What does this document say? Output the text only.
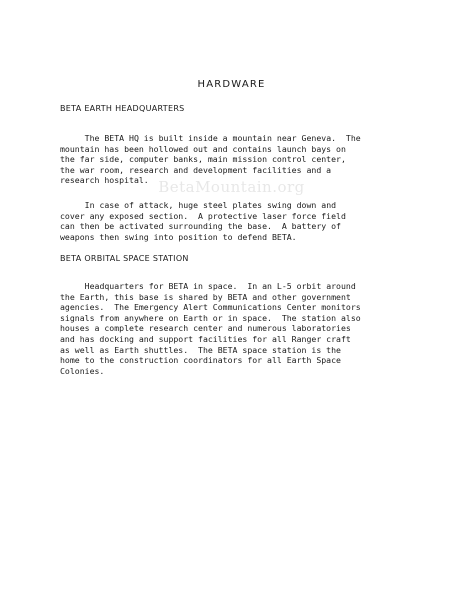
HARDWARE
BETA EARTH HEADQUARTERS

The BETA HQ is built inside a mountain near Geneva.  The
mountain has been hollowed out and contains launch bays on
the far side, computer banks, main mission control center,
the war room, research and development facilities and a
research hospital. BetaMountain.org

In case of attack, huge steel plates swing down and
cover any exposed section.  A protective laser force field
can then be activated surrounding the base.  A battery of
weapons then swing into position to defend BETA.

BETA ORBITAL SPACE STATION

Headquarters for BETA in space.  In an L-5 orbit around
the Earth, this base is shared by BETA and other government
agencies.  The Emergency Alert Communications Center monitors
signals from anywhere on Earth or in space.  The station also
houses a complete research center and numerous laboratories
and has docking and support facilities for all Ranger craft
as well as Earth shuttles.  The BETA space station is the
home to the construction coordinators for all Earth Space
Colonies.
